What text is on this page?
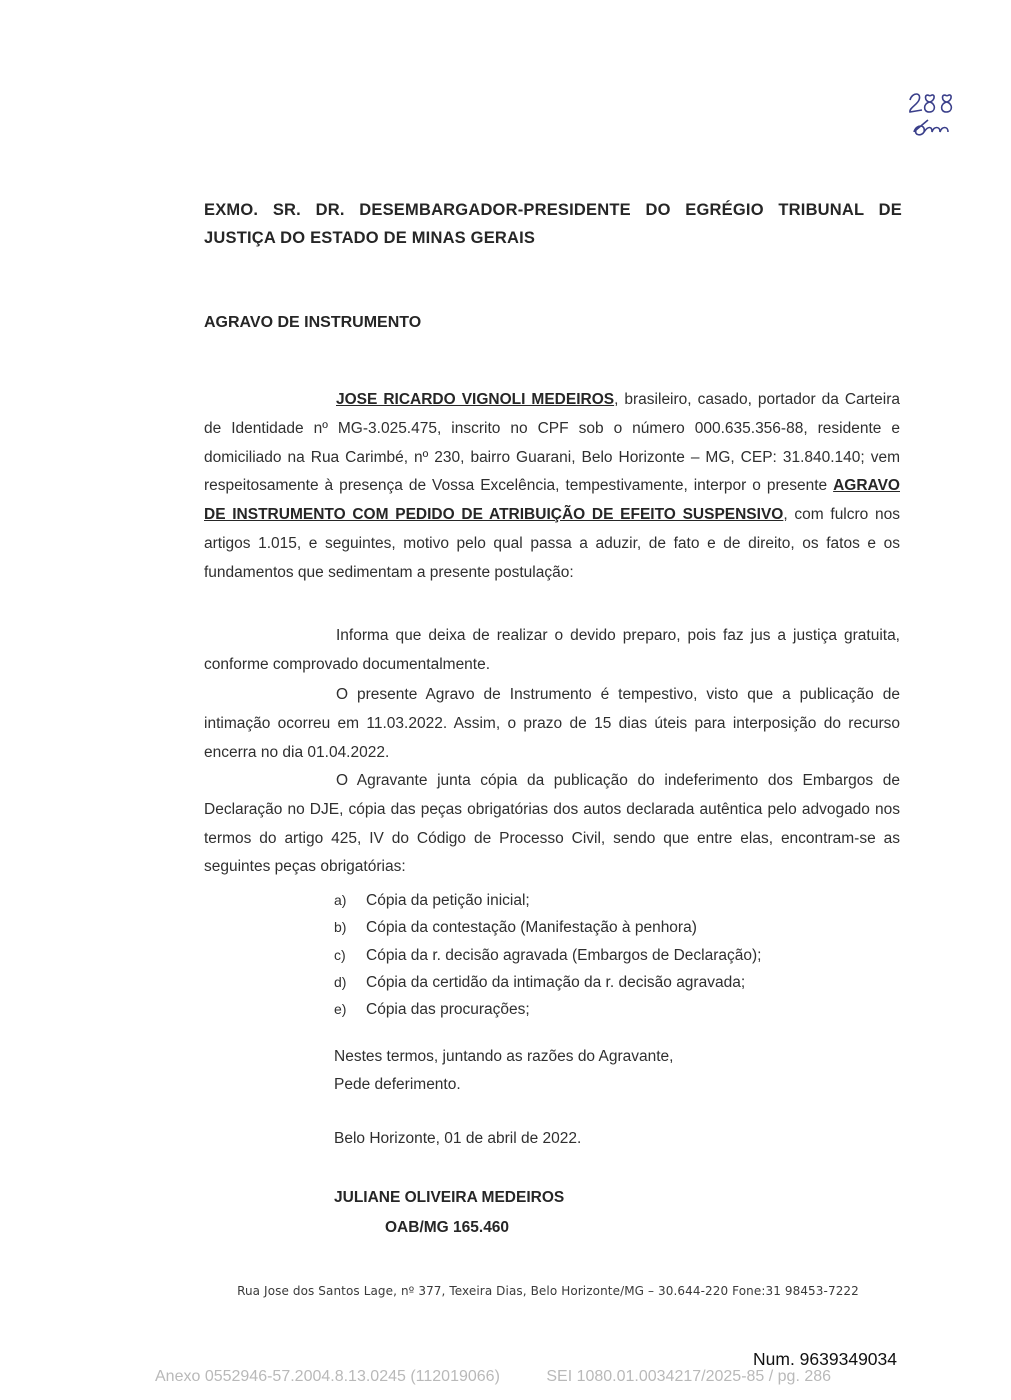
EXMO. SR. DR. DESEMBARGADOR-PRESIDENTE DO EGRÉGIO TRIBUNAL DE
JUSTIÇA DO ESTADO DE MINAS GERAIS
AGRAVO DE INSTRUMENTO

JOSE RICARDO VIGNOLI MEDEIROS, brasileiro, casado, portador da Carteira de Identidade nº MG-3.025.475, inscrito no CPF sob o número 000.635.356-88, residente e domiciliado na Rua Carimbé, nº 230, bairro Guarani, Belo Horizonte – MG, CEP: 31.840.140; vem respeitosamente à presença de Vossa Excelência, tempestivamente, interpor o presente AGRAVO DE INSTRUMENTO COM PEDIDO DE ATRIBUIÇÃO DE EFEITO SUSPENSIVO, com fulcro nos artigos 1.015, e seguintes, motivo pelo qual passa a aduzir, de fato e de direito, os fatos e os fundamentos que sedimentam a presente postulação:

Informa que deixa de realizar o devido preparo, pois faz jus a justiça gratuita, conforme comprovado documentalmente.

O presente Agravo de Instrumento é tempestivo, visto que a publicação de intimação ocorreu em 11.03.2022. Assim, o prazo de 15 dias úteis para interposição do recurso encerra no dia 01.04.2022.

O Agravante junta cópia da publicação do indeferimento dos Embargos de Declaração no DJE, cópia das peças obrigatórias dos autos declarada autêntica pelo advogado nos termos do artigo 425, IV do Código de Processo Civil, sendo que entre elas, encontram-se as seguintes peças obrigatórias:

a)	Cópia da petição inicial;
b)	Cópia da contestação (Manifestação à penhora)
c)	Cópia da r. decisão agravada (Embargos de Declaração);
d)	Cópia da certidão da intimação da r. decisão agravada;
e)	Cópia das procurações;
Nestes termos, juntando as razões do Agravante,
Pede deferimento.
Belo Horizonte, 01 de abril de 2022.
JULIANE OLIVEIRA MEDEIROS
OAB/MG 165.460
Rua Jose dos Santos Lage, nº 377, Texeira Dias, Belo Horizonte/MG – 30.644-220 Fone:31 98453-7222
Num. 9639349034
Anexo 0552946-57.2004.8.13.0245 (112019066)	SEI 1080.01.0034217/2025-85 / pg. 286
